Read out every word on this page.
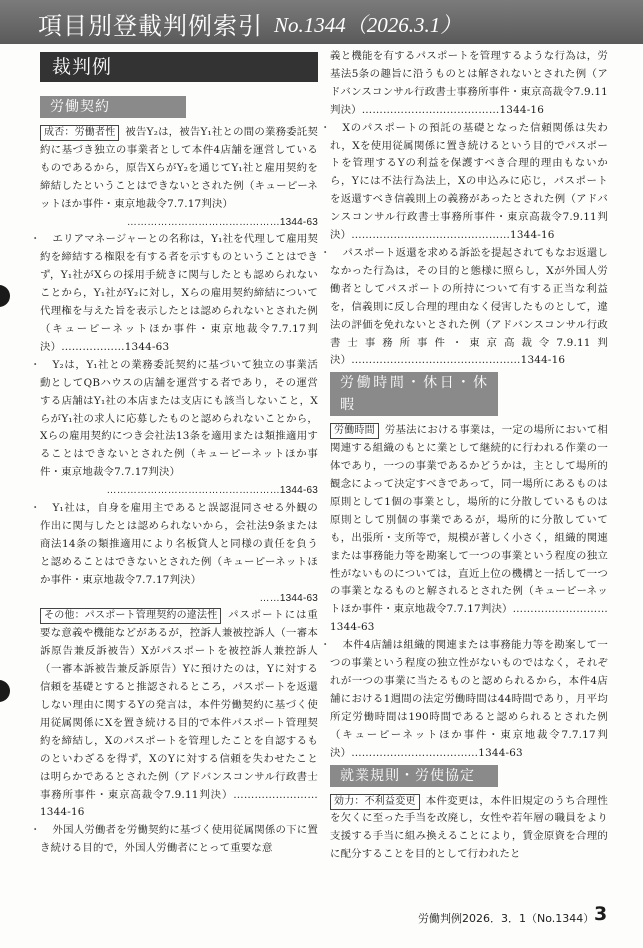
項目別登載判例索引 No.1344（2026.3.1）
裁判例
労働契約

成否：労働者性 被告Y₂は，被告Y₁社との間の業務委託契約に基づき独立の事業者として本件4店舗を運営しているものであるから，原告XらがY₂を通じてY₁社と雇用契約を締結したということはできないとされた例（キューピーネットほか事件・東京地裁令7.7.17判決）
………………………………………1344-63

・ エリアマネージャーとの名称は，Y₁社を代理して雇用契約を締結する権限を有する者を示すものということはできず，Y₁社がXらの採用手続きに関与したとも認められないことから，Y₁社がY₂に対し，Xらの雇用契約締結について代理権を与えた旨を表示したとは認められないとされた例（キューピーネットほか事件・東京地裁令7.7.17判決）………………1344-63

・ Y₂は，Y₁社との業務委託契約に基づいて独立の事業活動としてQBハウスの店舗を運営する者であり，その運営する店舗はY₁社の本店または支店にも該当しないこと，XらがY₁社の求人に応募したものと認められないことから，Xらの雇用契約につき会社法13条を適用または類推適用することはできないとされた例（キューピーネットほか事件・東京地裁令7.7.17判決）
……………………………………………1344-63

・ Y₁社は，自身を雇用主であると誤認混同させる外観の作出に関与したとは認められないから，会社法9条または商法14条の類推適用により名板貸人と同様の責任を負うと認めることはできないとされた例（キューピーネットほか事件・東京地裁令7.7.17判決）
……1344-63

その他：パスポート管理契約の違法性 パスポートには重要な意義や機能などがあるが，控訴人兼被控訴人（一審本訴原告兼反訴被告）Xがパスポートを被控訴人兼控訴人（一審本訴被告兼反訴原告）Yに預けたのは，Yに対する信頼を基礎とすると推認されるところ，パスポートを返還しない理由に関するYの発言は，本件労働契約に基づく使用従属関係にXを置き続ける目的で本件パスポート管理契約を締結し，Xのパスポートを管理したことを自認するものといわざるを得ず，XのYに対する信頼を失わせたことは明らかであるとされた例（アドバンスコンサル行政書士事務所事件・東京高裁令7.9.11判決）……………………1344-16

・ 外国人労働者を労働契約に基づく使用従属関係の下に置き続ける目的で，外国人労働者にとって重要な意

義と機能を有するパスポートを管理するような行為は，労基法5条の趣旨に沿うものとは解されないとされた例（アドバンスコンサル行政書士事務所事件・東京高裁令7.9.11判決）…………………………………1344-16

・ Xのパスポートの預託の基礎となった信頼関係は失われ，Xを使用従属関係に置き続けるという目的でパスポートを管理するYの利益を保護すべき合理的理由もないから，Yには不法行為法上，Xの申込みに応じ，パスポートを返還すべき信義則上の義務があったとされた例（アドバンスコンサル行政書士事務所事件・東京高裁令7.9.11判決）………………………………………1344-16

・ パスポート返還を求める訴訟を提起されてもなお返還しなかった行為は，その目的と態様に照らし，Xが外国人労働者としてパスポートの所持について有する正当な利益を，信義則に反し合理的理由なく侵害したものとして，違法の評価を免れないとされた例（アドバンスコンサル行政書士事務所事件・東京高裁令7.9.11判決）…………………………………………1344-16

労働時間・休日・休暇

労働時間 労基法における事業は，一定の場所において相関連する組織のもとに業として継続的に行われる作業の一体であり，一つの事業であるかどうかは，主として場所的観念によって決定すべきであって，同一場所にあるものは原則として1個の事業とし，場所的に分散しているものは原則として別個の事業であるが，場所的に分散していても，出張所・支所等で，規模が著しく小さく，組織的関連または事務能力等を勘案して一つの事業という程度の独立性がないものについては，直近上位の機構と一括して一つの事業となるものと解されるとされた例（キューピーネットほか事件・東京地裁令7.7.17判決）………………………1344-63

・ 本件4店舗は組織的関連または事務能力等を勘案して一つの事業という程度の独立性がないものではなく，それぞれが一つの事業に当たるものと認められるから，本件4店舗における1週間の法定労働時間は44時間であり，月平均所定労働時間は190時間であると認められるとされた例（キューピーネットほか事件・東京地裁令7.7.17判決）………………………………1344-63

就業規則・労使協定

効力：不利益変更 本件変更は，本件旧規定のうち合理性を欠くに至った手当を改廃し，女性や若年層の職員をより支援する手当に組み換えることにより，賃金原資を合理的に配分することを目的として行われたと

労働判例2026．3．1（No.1344） 3
